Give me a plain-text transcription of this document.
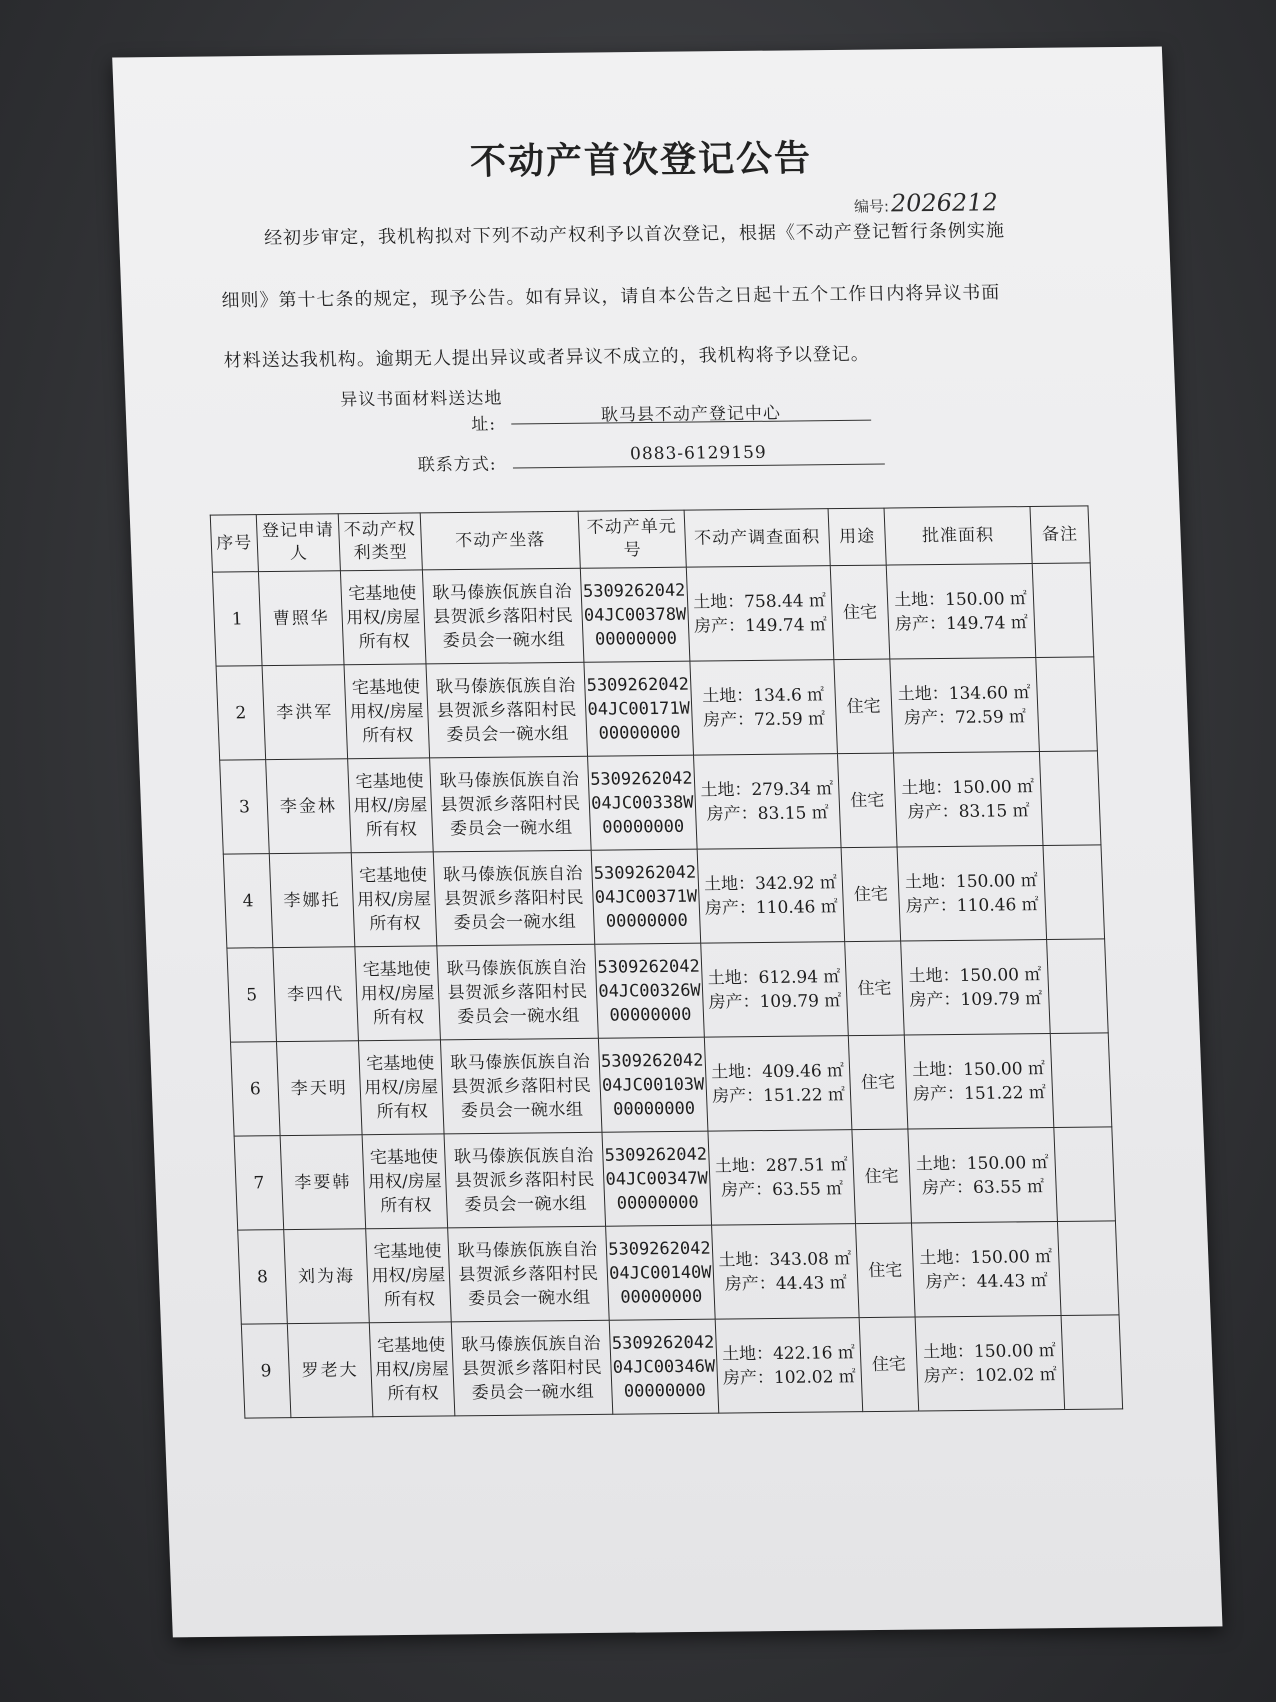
不动产首次登记公告
编号:2026212
经初步审定，我机构拟对下列不动产权利予以首次登记，根据《不动产登记暂行条例实施
细则》第十七条的规定，现予公告。如有异议，请自本公告之日起十五个工作日内将异议书面
材料送达我机构。逾期无人提出异议或者异议不成立的，我机构将予以登记。
异议书面材料送达地
址:	耿马县不动产登记中心
联系方式:
0883-6129159
序号	登记申请人	不动产权利类型	不动产坐落	不动产单元号	不动产调查面积	用途	批准面积	备注
1	曹照华	宅基地使用权/房屋所有权	耿马傣族佤族自治县贺派乡落阳村民委员会一碗水组	530926204204JC00378W00000000	土地：758.44 ㎡
房产：149.74 ㎡	住宅	土地：150.00 ㎡
房产：149.74 ㎡	

2	李洪军	宅基地使用权/房屋所有权	耿马傣族佤族自治县贺派乡落阳村民委员会一碗水组	530926204204JC00171W00000000	土地：134.6 ㎡
房产：72.59 ㎡	住宅	土地：134.60 ㎡
房产：72.59 ㎡	

3	李金林	宅基地使用权/房屋所有权	耿马傣族佤族自治县贺派乡落阳村民委员会一碗水组	530926204204JC00338W00000000	土地：279.34 ㎡
房产：83.15 ㎡	住宅	土地：150.00 ㎡
房产：83.15 ㎡	

4	李娜托	宅基地使用权/房屋所有权	耿马傣族佤族自治县贺派乡落阳村民委员会一碗水组	530926204204JC00371W00000000	土地：342.92 ㎡
房产：110.46 ㎡	住宅	土地：150.00 ㎡
房产：110.46 ㎡	

5	李四代	宅基地使用权/房屋所有权	耿马傣族佤族自治县贺派乡落阳村民委员会一碗水组	530926204204JC00326W00000000	土地：612.94 ㎡
房产：109.79 ㎡	住宅	土地：150.00 ㎡
房产：109.79 ㎡	

6	李天明	宅基地使用权/房屋所有权	耿马傣族佤族自治县贺派乡落阳村民委员会一碗水组	530926204204JC00103W00000000	土地：409.46 ㎡
房产：151.22 ㎡	住宅	土地：150.00 ㎡
房产：151.22 ㎡	

7	李要韩	宅基地使用权/房屋所有权	耿马傣族佤族自治县贺派乡落阳村民委员会一碗水组	530926204204JC00347W00000000	土地：287.51 ㎡
房产：63.55 ㎡	住宅	土地：150.00 ㎡
房产：63.55 ㎡	

8	刘为海	宅基地使用权/房屋所有权	耿马傣族佤族自治县贺派乡落阳村民委员会一碗水组	530926204204JC00140W00000000	土地：343.08 ㎡
房产：44.43 ㎡	住宅	土地：150.00 ㎡
房产：44.43 ㎡	

9	罗老大	宅基地使用权/房屋所有权	耿马傣族佤族自治县贺派乡落阳村民委员会一碗水组	530926204204JC00346W00000000	土地：422.16 ㎡
房产：102.02 ㎡	住宅	土地：150.00 ㎡
房产：102.02 ㎡	
